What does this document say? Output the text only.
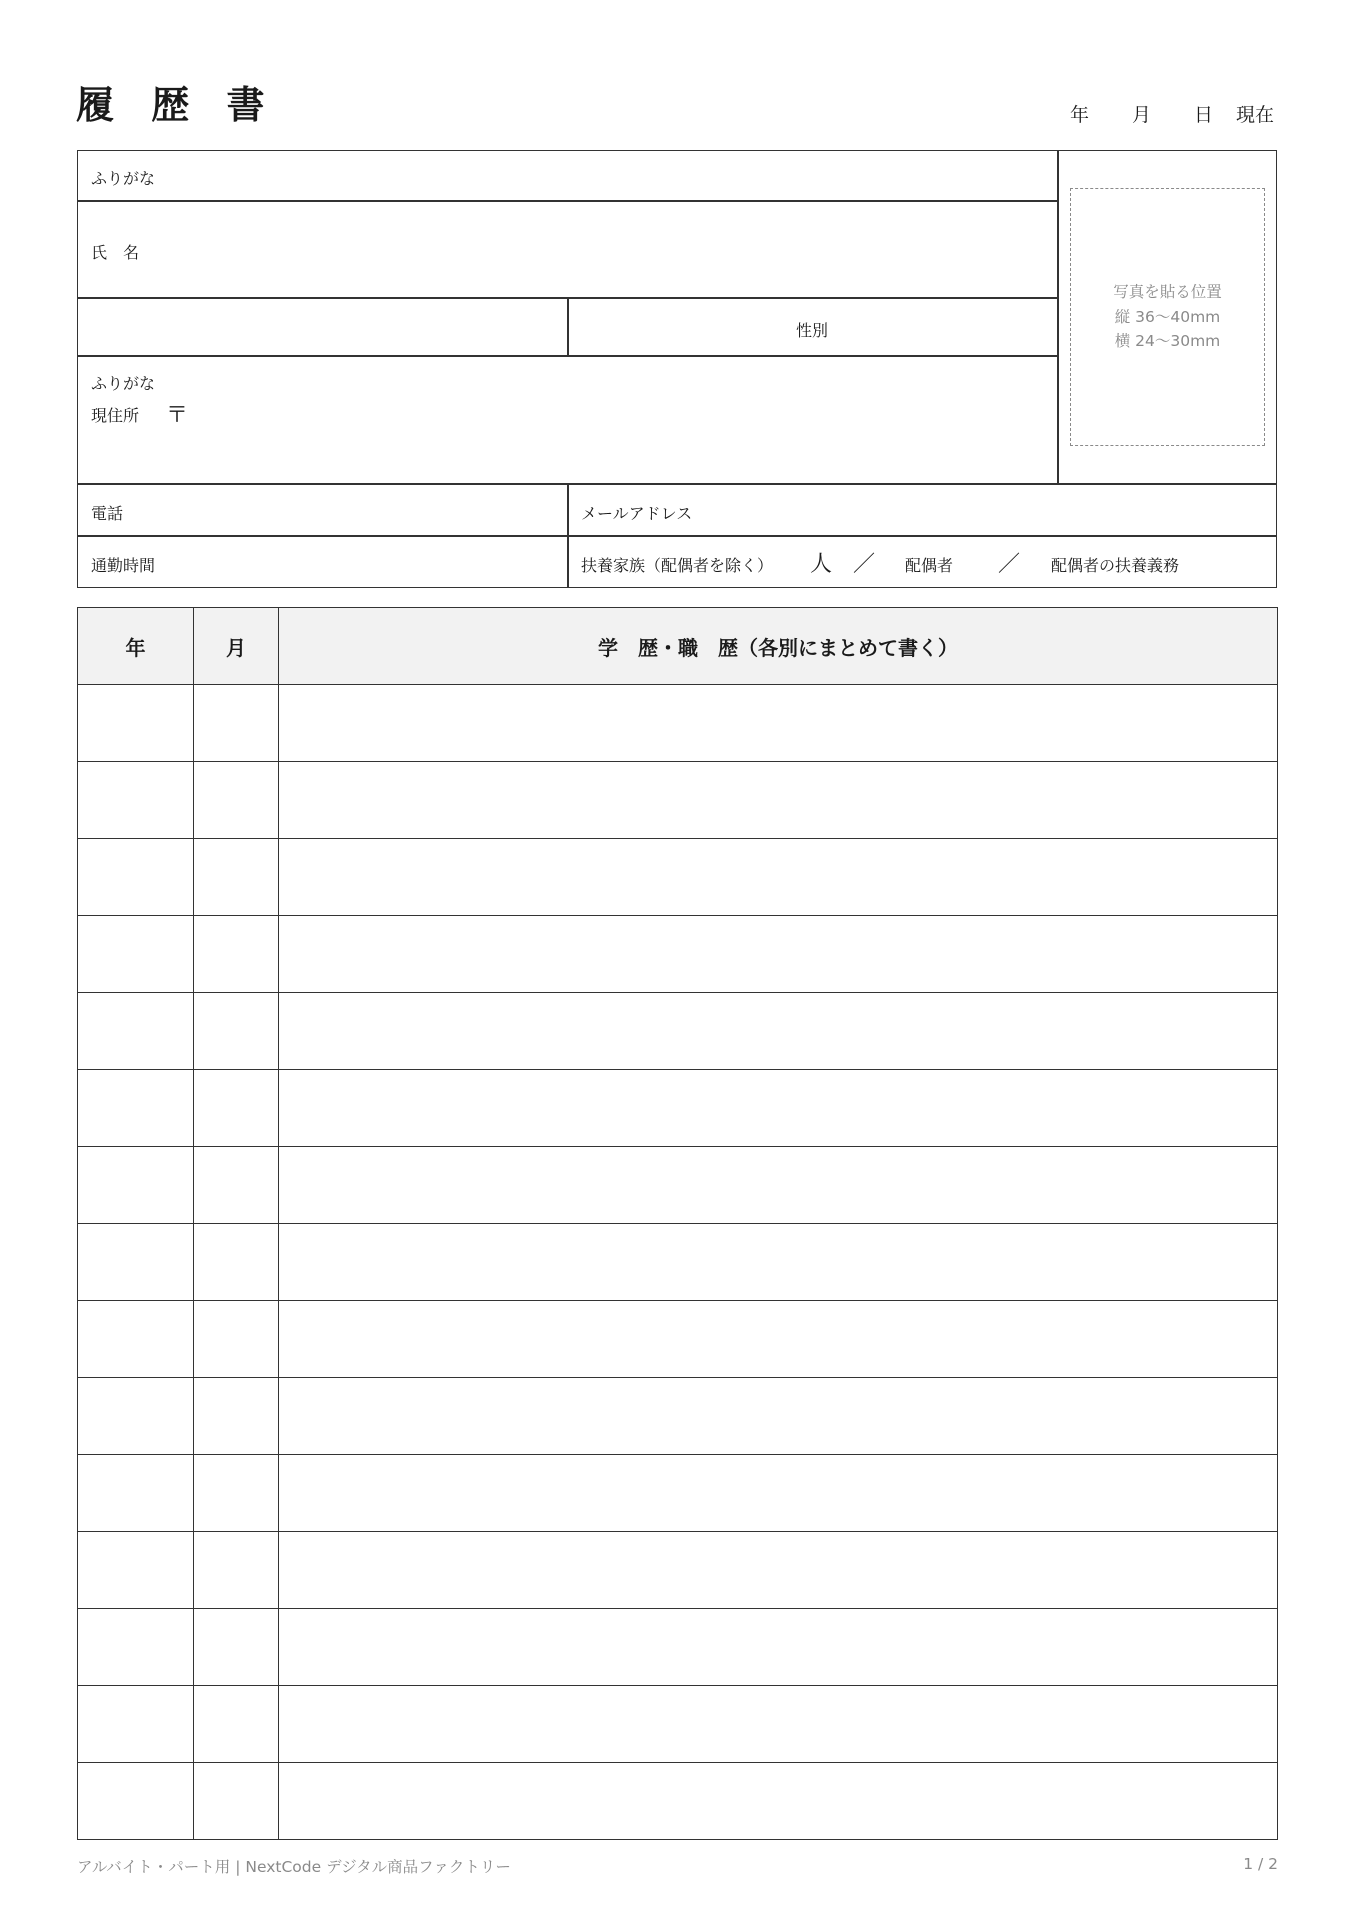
履 歴 書	年 月 日 現在
ふりがな
氏　名
性別
ふりがな
現住所 〒
電話	メールアドレス
通勤時間	扶養家族（配偶者を除く） 人 ／ 配偶者 ／ 配偶者の扶養義務
写真を貼る位置
縦 36〜40mm
横 24〜30mm
年	月	学　歴・職　歴（各別にまとめて書く）

アルバイト・パート用 | NextCode デジタル商品ファクトリー	1 / 2
